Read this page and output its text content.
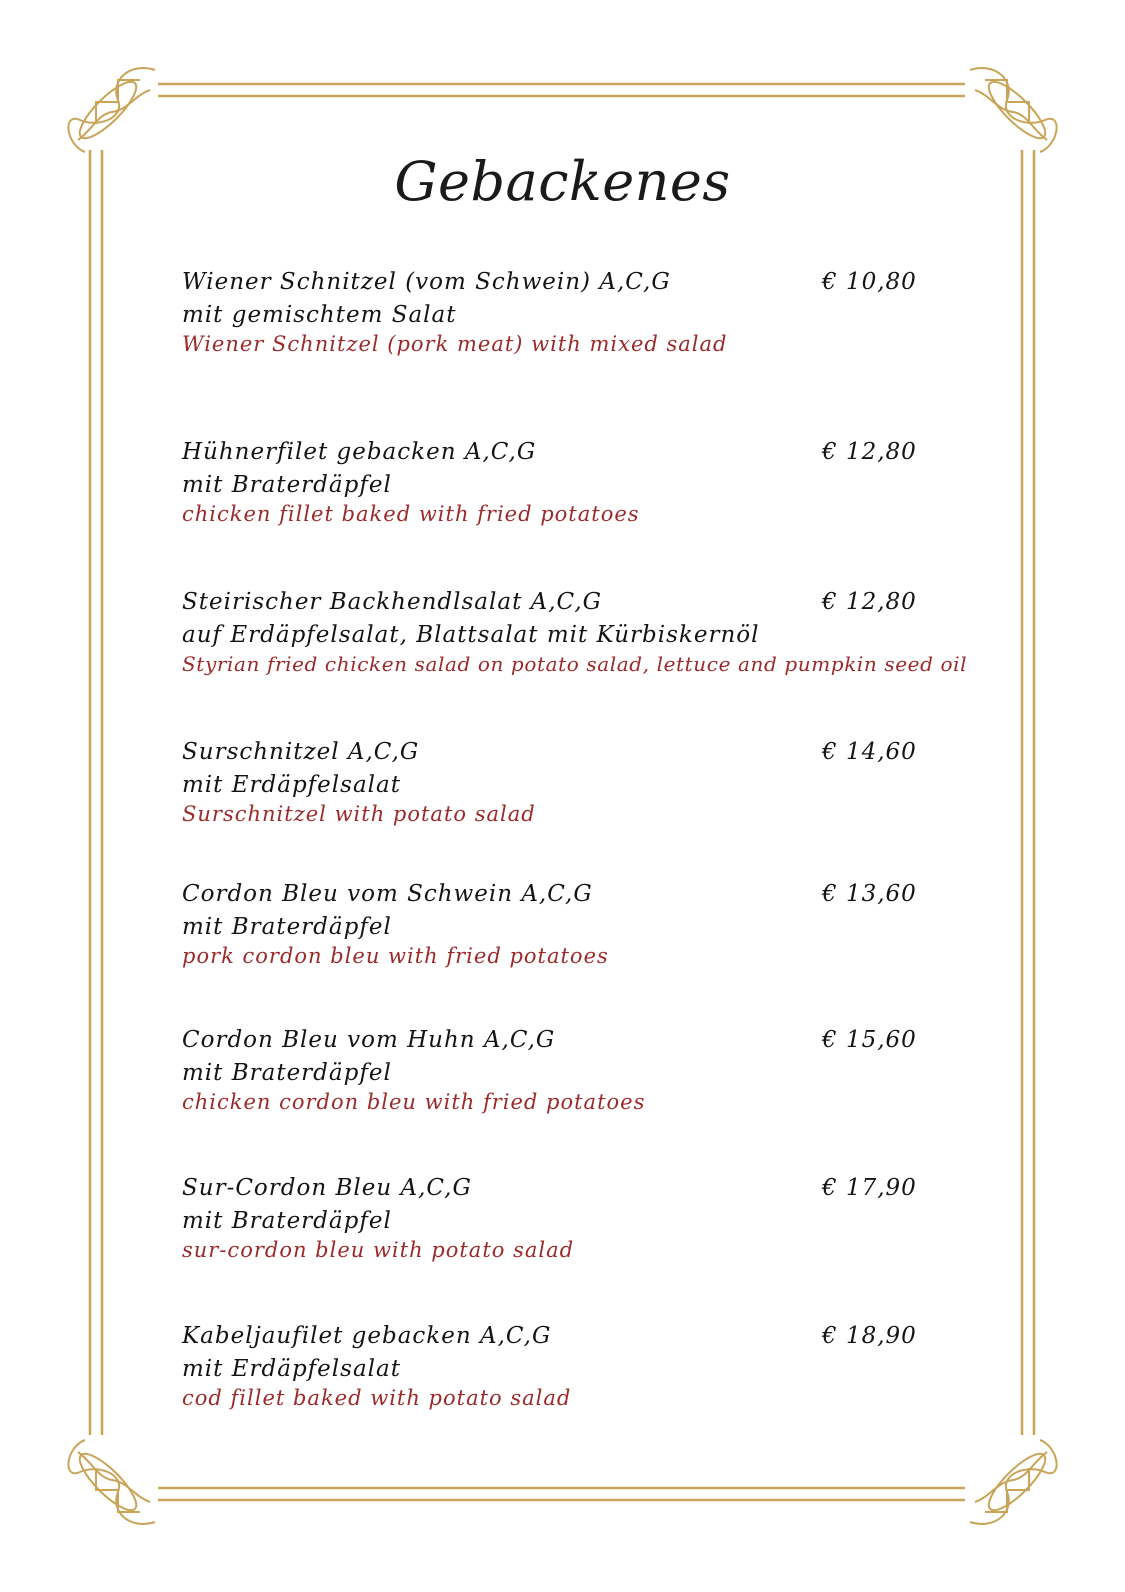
Gebackenes
Wiener Schnitzel (vom Schwein) A,C,G	€ 10,80
mit gemischtem Salat
Wiener Schnitzel (pork meat) with mixed salad
Hühnerfilet gebacken A,C,G	€ 12,80
mit Braterdäpfel
chicken fillet baked with fried potatoes
Steirischer Backhendlsalat A,C,G	€ 12,80
auf Erdäpfelsalat, Blattsalat mit Kürbiskernöl
Styrian fried chicken salad on potato salad, lettuce and pumpkin seed oil
Surschnitzel A,C,G	€ 14,60
mit Erdäpfelsalat
Surschnitzel with potato salad
Cordon Bleu vom Schwein A,C,G	€ 13,60
mit Braterdäpfel
pork cordon bleu with fried potatoes
Cordon Bleu vom Huhn A,C,G	€ 15,60
mit Braterdäpfel
chicken cordon bleu with fried potatoes
Sur-Cordon Bleu A,C,G	€ 17,90
mit Braterdäpfel
sur-cordon bleu with potato salad
Kabeljaufilet gebacken A,C,G	€ 18,90
mit Erdäpfelsalat
cod fillet baked with potato salad
